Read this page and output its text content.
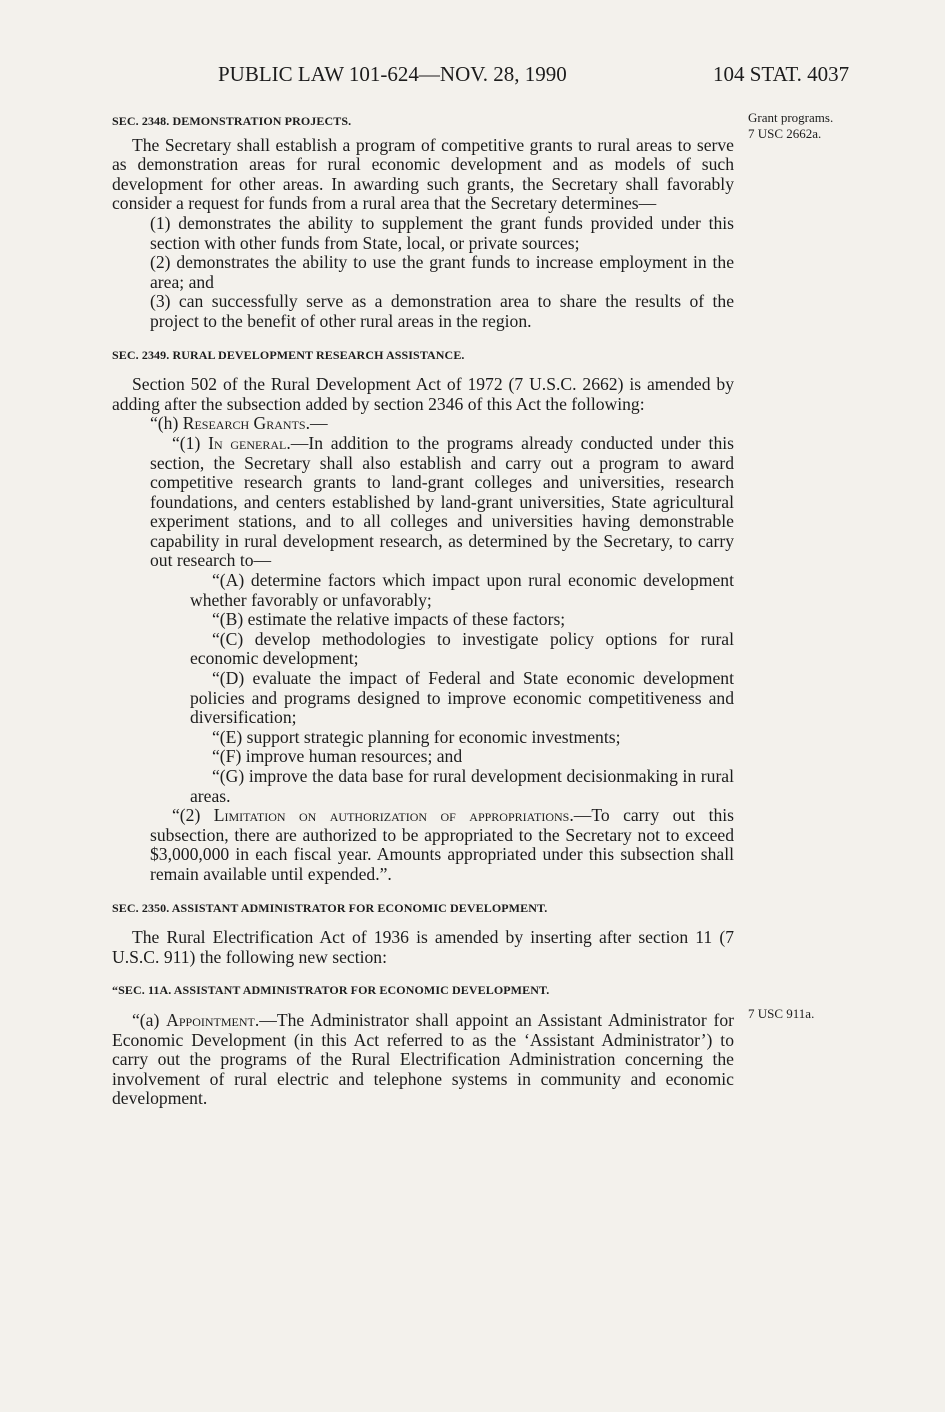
PUBLIC LAW 101-624—NOV. 28, 1990	104 STAT. 4037
Grant programs.
7 USC 2662a.
7 USC 911a.

SEC. 2348. DEMONSTRATION PROJECTS.

The Secretary shall establish a program of competitive grants to rural areas to serve as demonstration areas for rural economic development and as models of such development for other areas. In awarding such grants, the Secretary shall favorably consider a request for funds from a rural area that the Secretary determines—

(1) demonstrates the ability to supplement the grant funds provided under this section with other funds from State, local, or private sources;

(2) demonstrates the ability to use the grant funds to increase employment in the area; and

(3) can successfully serve as a demonstration area to share the results of the project to the benefit of other rural areas in the region.

SEC. 2349. RURAL DEVELOPMENT RESEARCH ASSISTANCE.

Section 502 of the Rural Development Act of 1972 (7 U.S.C. 2662) is amended by adding after the subsection added by section 2346 of this Act the following:

“(h) Research Grants.—

“(1) In general.—In addition to the programs already conducted under this section, the Secretary shall also establish and carry out a program to award competitive research grants to land-grant colleges and universities, research foundations, and centers established by land-grant universities, State agricultural experiment stations, and to all colleges and universities having demonstrable capability in rural development research, as determined by the Secretary, to carry out research to—

“(A) determine factors which impact upon rural economic development whether favorably or unfavorably;

“(B) estimate the relative impacts of these factors;

“(C) develop methodologies to investigate policy options for rural economic development;

“(D) evaluate the impact of Federal and State economic development policies and programs designed to improve economic competitiveness and diversification;

“(E) support strategic planning for economic investments;

“(F) improve human resources; and

“(G) improve the data base for rural development decisionmaking in rural areas.

“(2) Limitation on authorization of appropriations.—To carry out this subsection, there are authorized to be appropriated to the Secretary not to exceed $3,000,000 in each fiscal year. Amounts appropriated under this subsection shall remain available until expended.”.

SEC. 2350. ASSISTANT ADMINISTRATOR FOR ECONOMIC DEVELOPMENT.

The Rural Electrification Act of 1936 is amended by inserting after section 11 (7 U.S.C. 911) the following new section:

“SEC. 11A. ASSISTANT ADMINISTRATOR FOR ECONOMIC DEVELOPMENT.

“(a) Appointment.—The Administrator shall appoint an Assistant Administrator for Economic Development (in this Act referred to as the ‘Assistant Administrator’) to carry out the programs of the Rural Electrification Administration concerning the involvement of rural electric and telephone systems in community and economic development.
